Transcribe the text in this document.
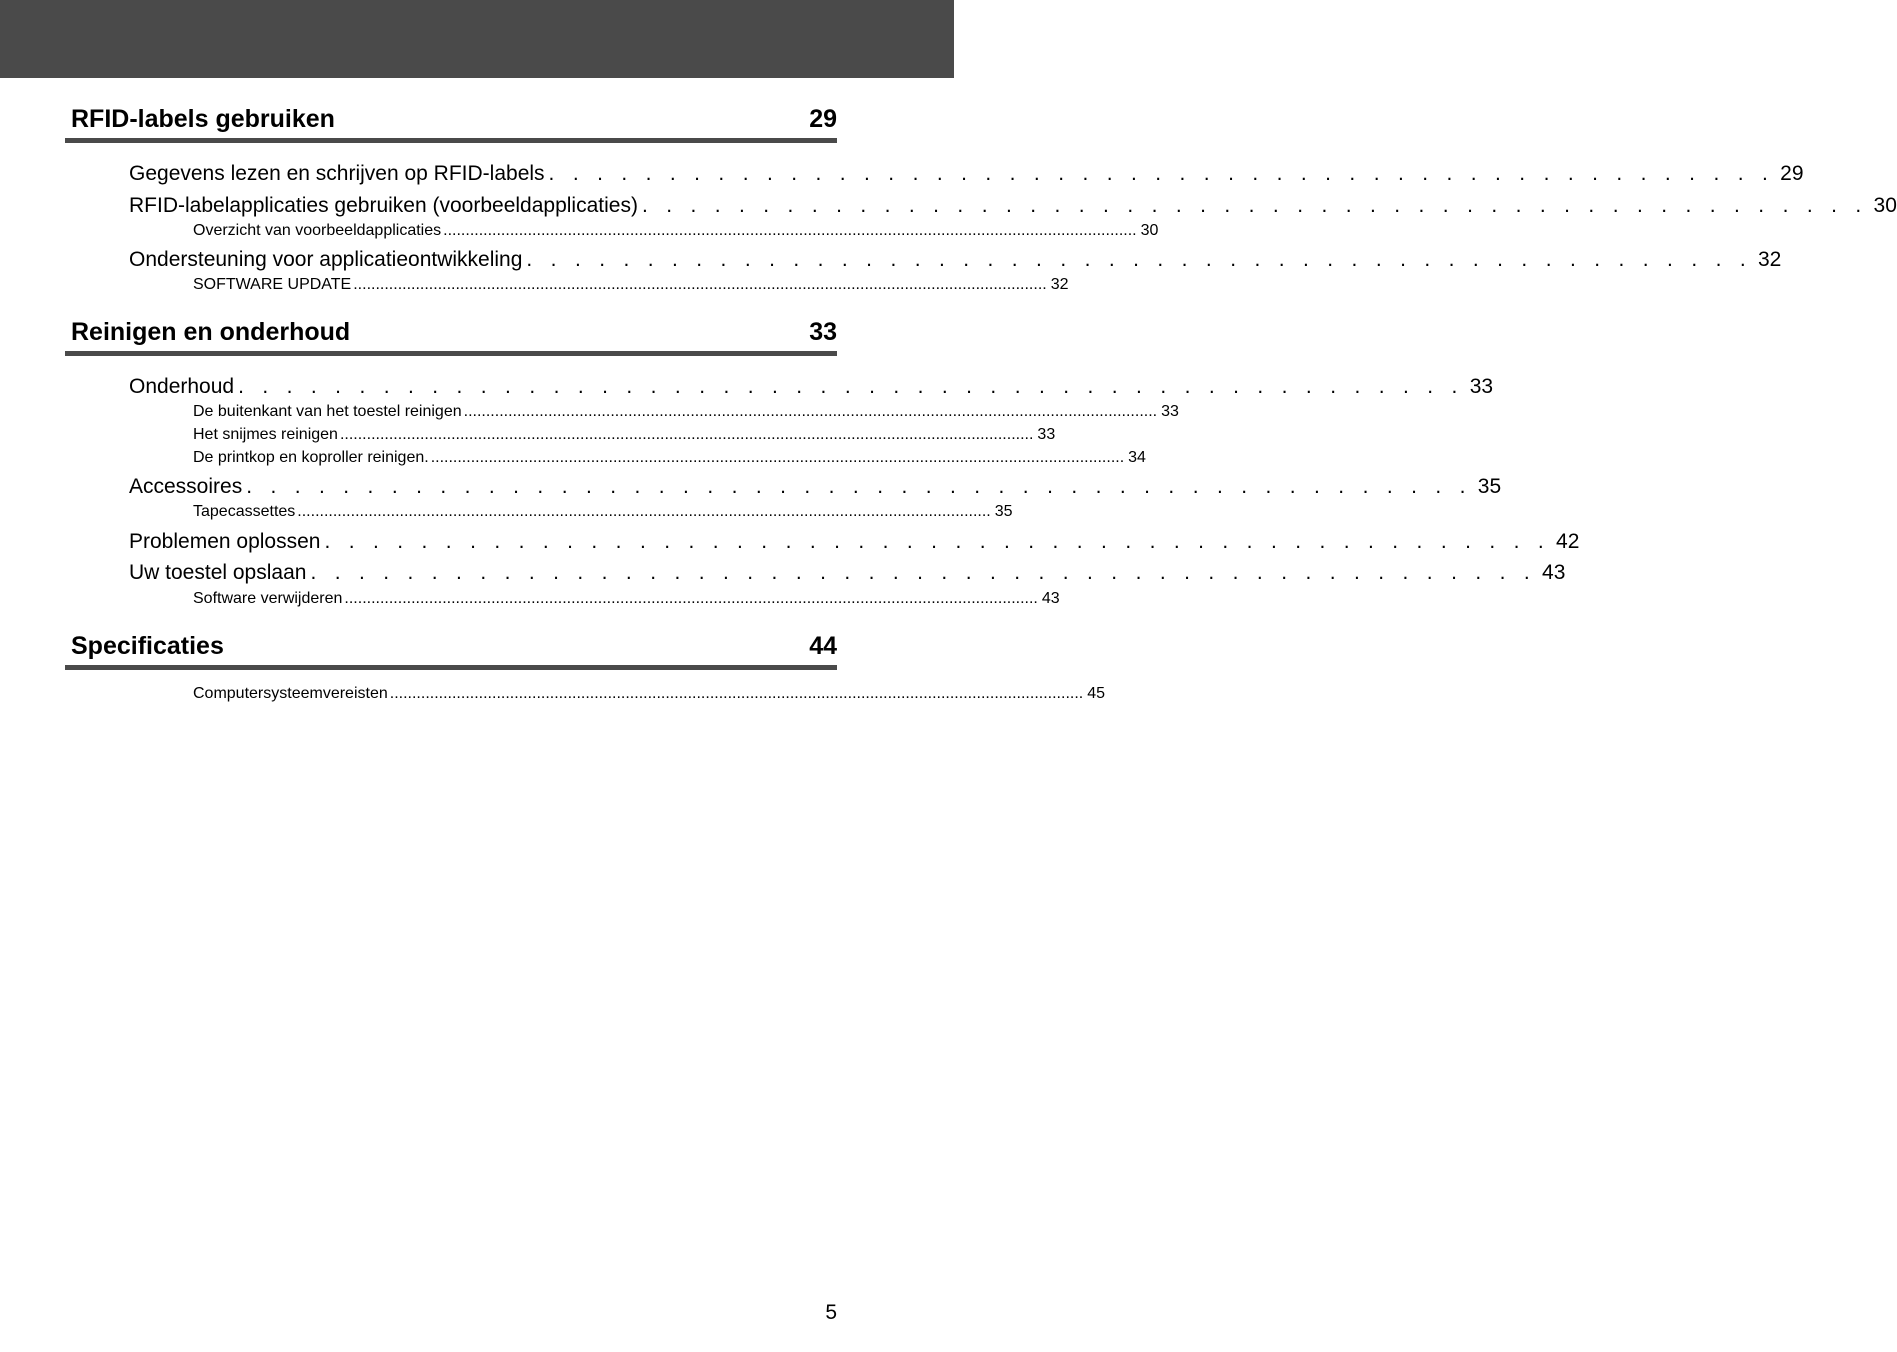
RFID-labels gebruiken	29
Gegevens lezen en schrijven op RFID-labels . . . . . . . . . . . . . . . . . . . . . . . . . . . . . . . . . . . . . . . . . . . . . . . . . . . 29
RFID-labelapplicaties gebruiken (voorbeeldapplicaties) . . . . . . . . . . . . . . . . . . . . . . . . . . . . . . . . . . . . . . . . . . . . . . . . . . . 30
Overzicht van voorbeeldapplicaties ............................................................................................................................................................ 30
Ondersteuning voor applicatieontwikkeling . . . . . . . . . . . . . . . . . . . . . . . . . . . . . . . . . . . . . . . . . . . . . . . . . . . 32
SOFTWARE UPDATE ............................................................................................................................................................ 32
Reinigen en onderhoud	33
Onderhoud . . . . . . . . . . . . . . . . . . . . . . . . . . . . . . . . . . . . . . . . . . . . . . . . . . . 33
De buitenkant van het toestel reinigen ............................................................................................................................................................ 33
Het snijmes reinigen ............................................................................................................................................................ 33
De printkop en koproller reinigen. ............................................................................................................................................................ 34
Accessoires . . . . . . . . . . . . . . . . . . . . . . . . . . . . . . . . . . . . . . . . . . . . . . . . . . . 35
Tapecassettes ............................................................................................................................................................ 35
Problemen oplossen . . . . . . . . . . . . . . . . . . . . . . . . . . . . . . . . . . . . . . . . . . . . . . . . . . . 42
Uw toestel opslaan . . . . . . . . . . . . . . . . . . . . . . . . . . . . . . . . . . . . . . . . . . . . . . . . . . . 43
Software verwijderen ............................................................................................................................................................ 43
Specificaties	44
Computersysteemvereisten ............................................................................................................................................................ 45
5
